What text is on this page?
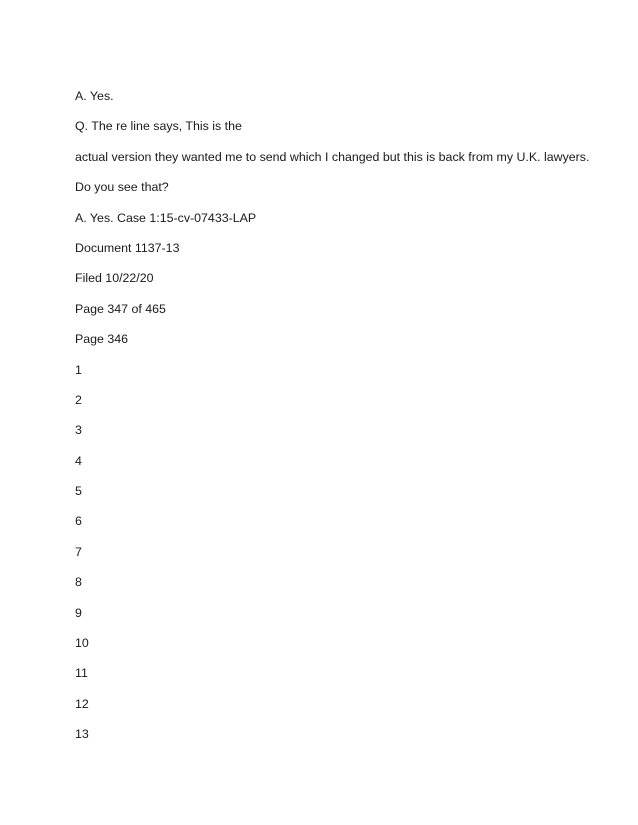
A. Yes.
Q. The re line says, This is the
actual version they wanted me to send which I changed but this is back from my U.K. lawyers.
Do you see that?
A. Yes. Case 1:15-cv-07433-LAP
Document 1137-13
Filed 10/22/20
Page 347 of 465
Page 346
1
2
3
4
5
6
7
8
9
10
11
12
13
